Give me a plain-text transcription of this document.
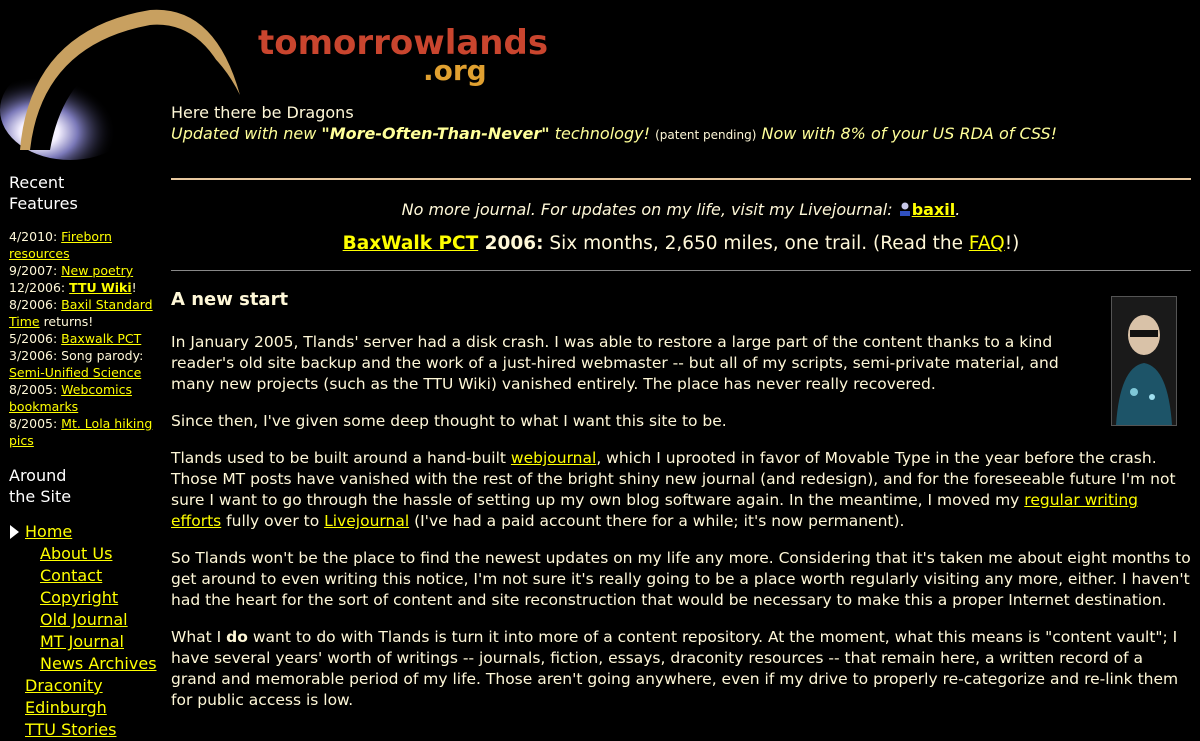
tomorrowlands
.org
Here there be Dragons
Updated with new "More-Often-Than-Never" technology! (patent pending) Now with 8% of your US RDA of CSS!
Recent
Features
4/2010: Fireborn resources
9/2007: New poetry
12/2006: TTU Wiki!
8/2006: Baxil Standard Time returns!
5/2006: Baxwalk PCT
3/2006: Song parody: Semi-Unified Science
8/2005: Webcomics bookmarks
8/2005: Mt. Lola hiking pics
Around
the Site
Home
About Us
Contact
Copyright
Old Journal
MT Journal
News Archives
Draconity
Edinburgh
TTU Stories
No more journal. For updates on my life, visit my Livejournal: baxil.
BaxWalk PCT 2006: Six months, 2,650 miles, one trail. (Read the FAQ!)
A new start

In January 2005, Tlands' server had a disk crash. I was able to restore a large part of the content thanks to a kind reader's old site backup and the work of a just-hired webmaster -- but all of my scripts, semi-private material, and many new projects (such as the TTU Wiki) vanished entirely. The place has never really recovered.

Since then, I've given some deep thought to what I want this site to be.

Tlands used to be built around a hand-built webjournal, which I uprooted in favor of Movable Type in the year before the crash. Those MT posts have vanished with the rest of the bright shiny new journal (and redesign), and for the foreseeable future I'm not sure I want to go through the hassle of setting up my own blog software again. In the meantime, I moved my regular writing efforts fully over to Livejournal (I've had a paid account there for a while; it's now permanent).

So Tlands won't be the place to find the newest updates on my life any more. Considering that it's taken me about eight months to get around to even writing this notice, I'm not sure it's really going to be a place worth regularly visiting any more, either. I haven't had the heart for the sort of content and site reconstruction that would be necessary to make this a proper Internet destination.

What I do want to do with Tlands is turn it into more of a content repository. At the moment, what this means is "content vault"; I have several years' worth of writings -- journals, fiction, essays, draconity resources -- that remain here, a written record of a grand and memorable period of my life. Those aren't going anywhere, even if my drive to properly re-categorize and re-link them for public access is low.
